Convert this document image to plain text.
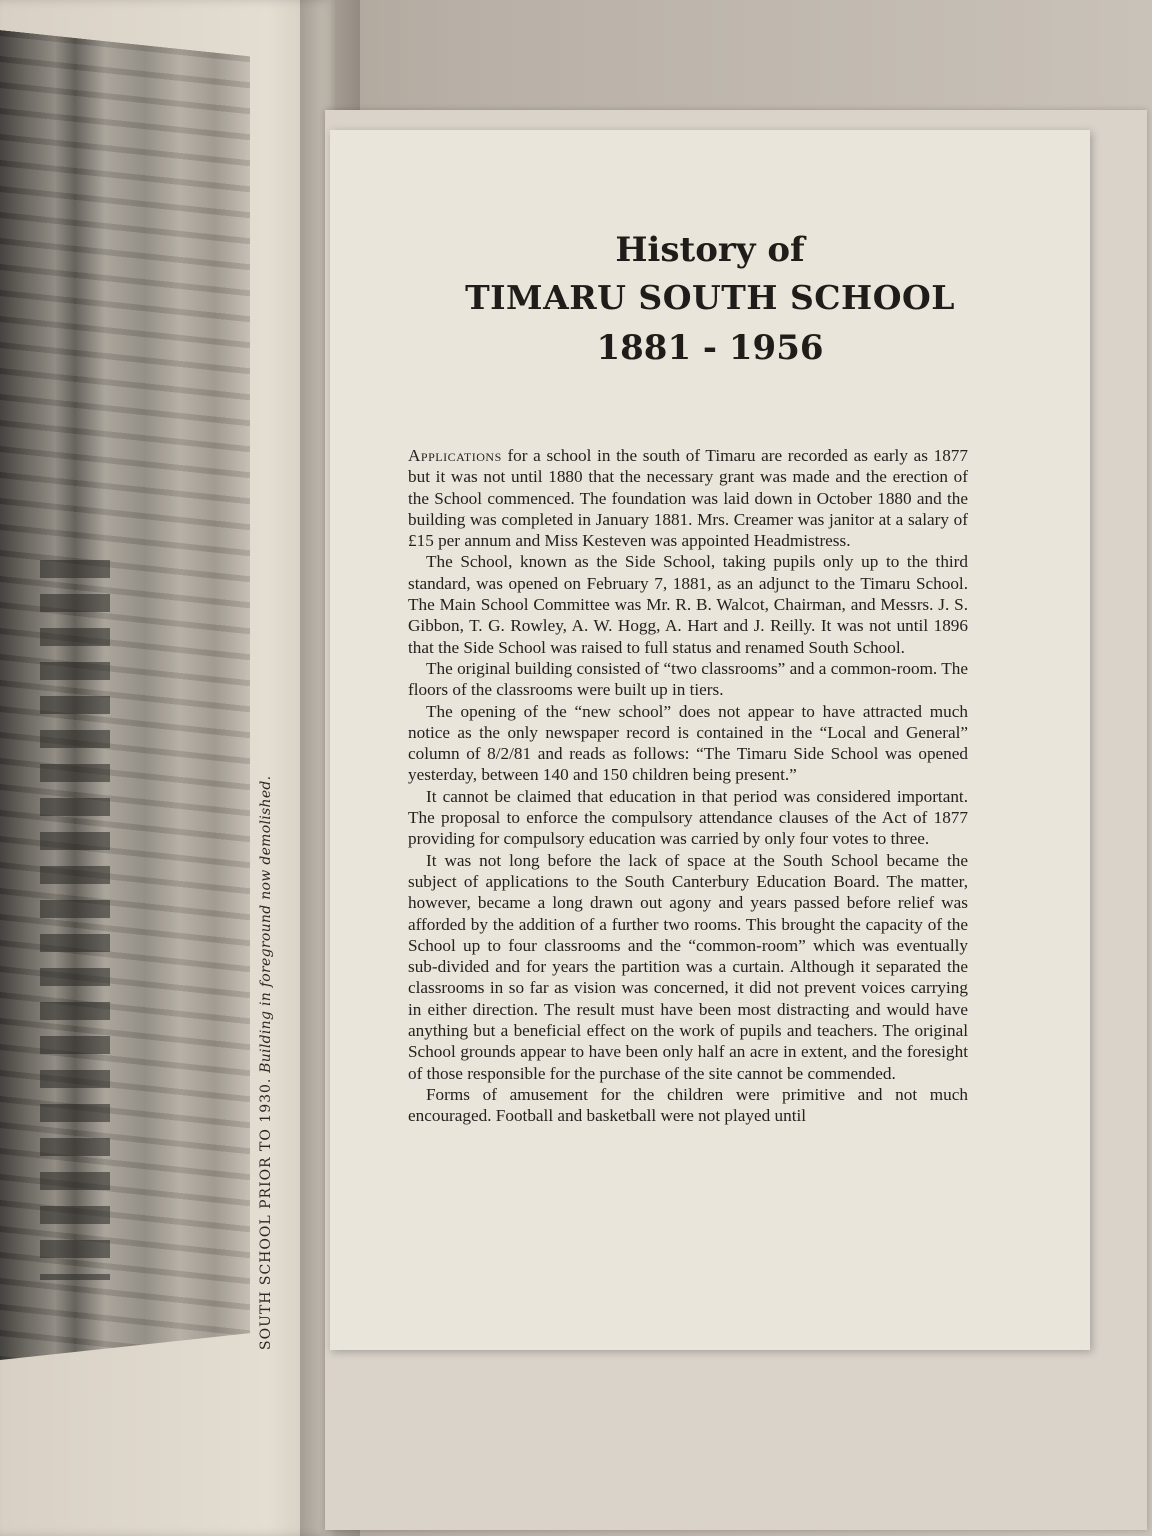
SOUTH SCHOOL PRIOR TO 1930. Building in foreground now demolished.
History of
TIMARU SOUTH SCHOOL
1881 - 1956

Applications for a school in the south of Timaru are recorded as early as 1877 but it was not until 1880 that the necessary grant was made and the erection of the School commenced. The foundation was laid down in October 1880 and the building was completed in January 1881. Mrs. Creamer was janitor at a salary of £15 per annum and Miss Kesteven was appointed Headmistress.

The School, known as the Side School, taking pupils only up to the third standard, was opened on February 7, 1881, as an adjunct to the Timaru School. The Main School Committee was Mr. R. B. Walcot, Chairman, and Messrs. J. S. Gibbon, T. G. Rowley, A. W. Hogg, A. Hart and J. Reilly. It was not until 1896 that the Side School was raised to full status and renamed South School.

The original building consisted of “two classrooms” and a common-room. The floors of the classrooms were built up in tiers.

The opening of the “new school” does not appear to have attracted much notice as the only newspaper record is contained in the “Local and General” column of 8/2/81 and reads as follows: “The Timaru Side School was opened yesterday, between 140 and 150 children being present.”

It cannot be claimed that education in that period was considered important. The proposal to enforce the compulsory attendance clauses of the Act of 1877 providing for compulsory education was carried by only four votes to three.

It was not long before the lack of space at the South School became the subject of applications to the South Canterbury Education Board. The matter, however, became a long drawn out agony and years passed before relief was afforded by the addition of a further two rooms. This brought the capacity of the School up to four classrooms and the “common-room” which was eventually sub-divided and for years the partition was a curtain. Although it separated the classrooms in so far as vision was concerned, it did not prevent voices carrying in either direction. The result must have been most distracting and would have anything but a beneficial effect on the work of pupils and teachers. The original School grounds appear to have been only half an acre in extent, and the foresight of those responsible for the purchase of the site cannot be commended.

Forms of amusement for the children were primitive and not much encouraged. Football and basketball were not played until
